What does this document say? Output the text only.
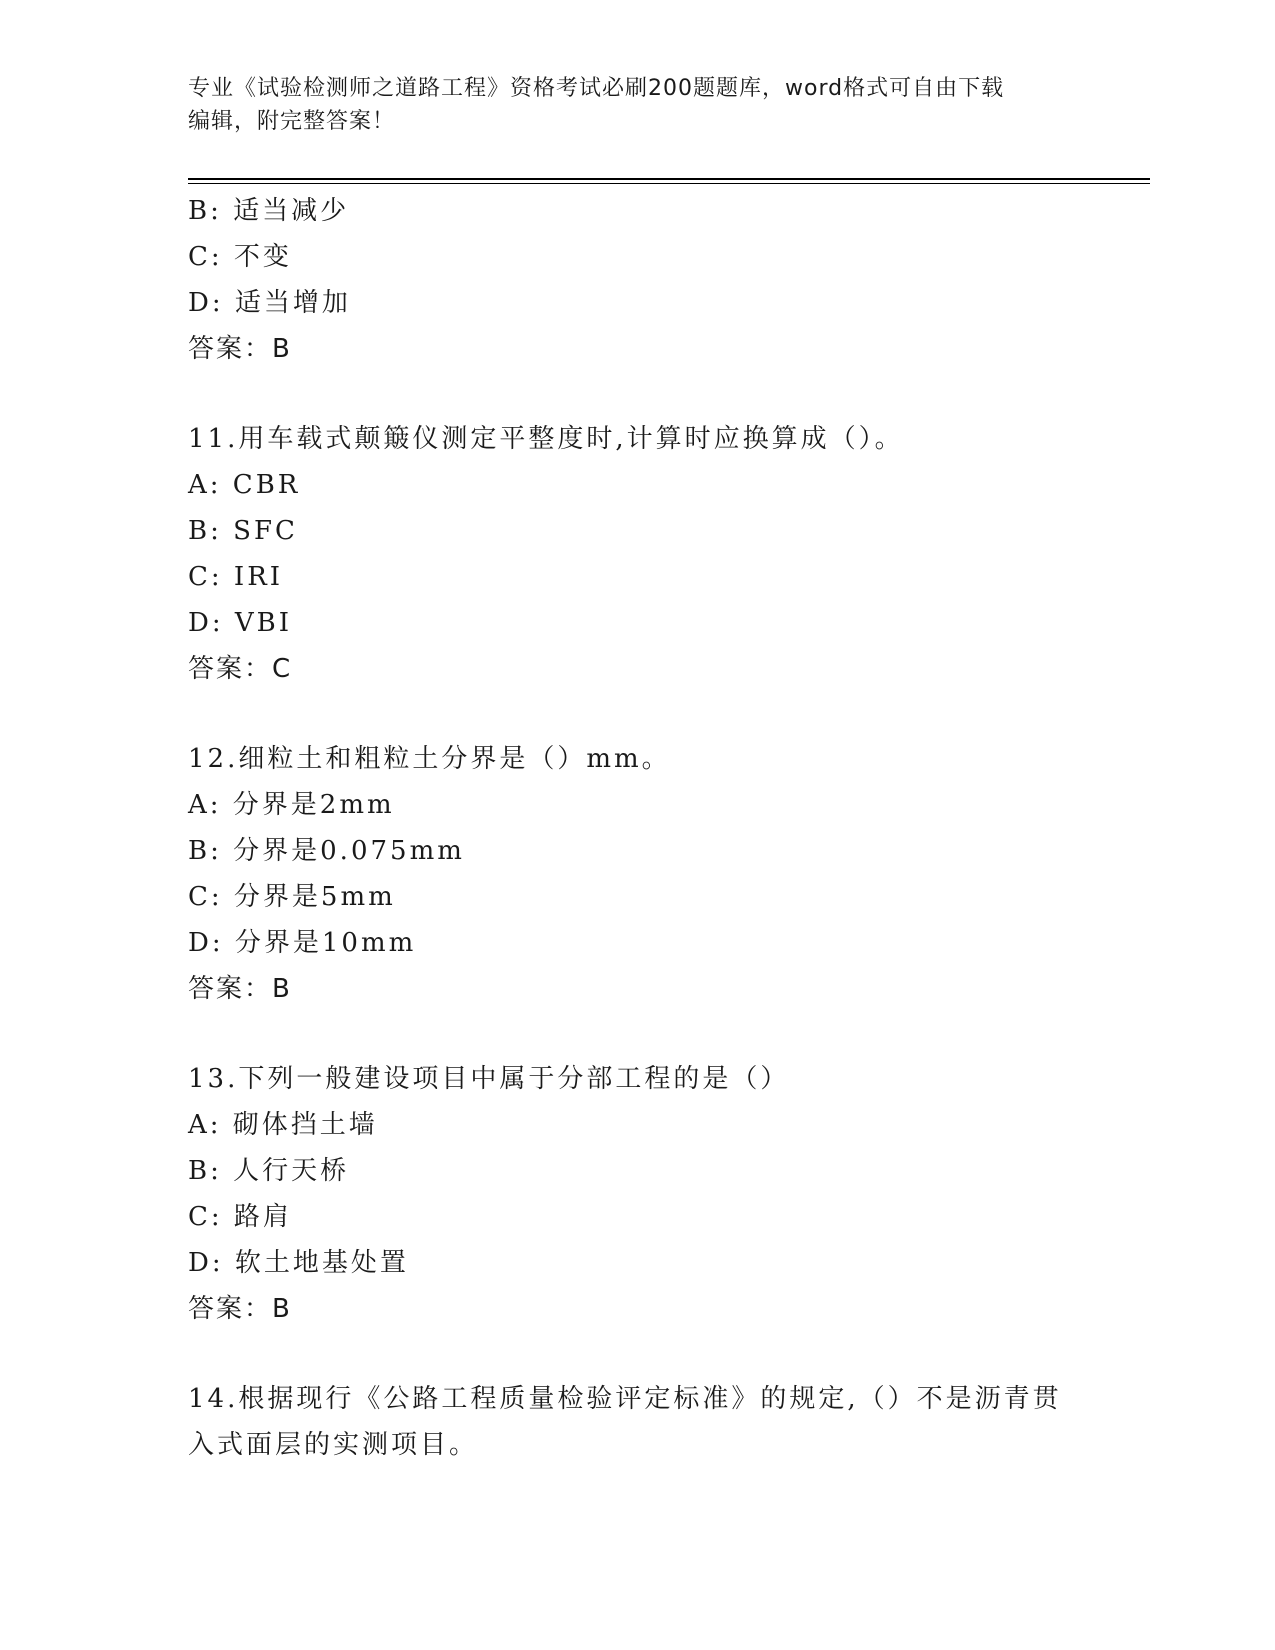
专业《试验检测师之道路工程》资格考试必刷200题题库，word格式可自由下载
编辑，附完整答案！
B: 适当减少
C: 不变
D: 适当增加
答案：B
11.用车载式颠簸仪测定平整度时,计算时应换算成（）。
A: CBR
B: SFC
C: IRI
D: VBI
答案：C
12.细粒土和粗粒土分界是（）mm。
A: 分界是2mm
B: 分界是0.075mm
C: 分界是5mm
D: 分界是10mm
答案：B
13.下列一般建设项目中属于分部工程的是（）
A: 砌体挡土墙
B: 人行天桥
C: 路肩
D: 软土地基处置
答案：B
14.根据现行《公路工程质量检验评定标准》的规定,（）不是沥青贯入式面层的实测项目。
